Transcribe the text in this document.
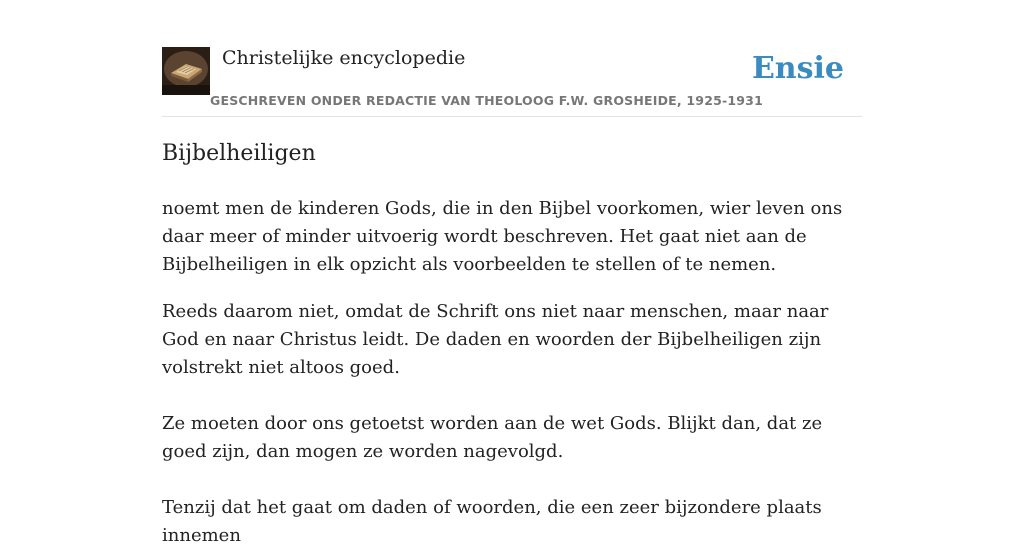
Christelijke encyclopedie
GESCHREVEN ONDER REDACTIE VAN THEOLOOG F.W. GROSHEIDE, 1925-1931
Ensie
Bijbelheiligen

noemt men de kinderen Gods, die in den Bijbel voorkomen, wier leven ons daar meer of minder uitvoerig wordt beschreven. Het gaat niet aan de Bijbelheiligen in elk opzicht als voorbeelden te stellen of te nemen.

Reeds daarom niet, omdat de Schrift ons niet naar menschen, maar naar God en naar Christus leidt. De daden en woorden der Bijbelheiligen zijn volstrekt niet altoos goed.

Ze moeten door ons getoetst worden aan de wet Gods. Blijkt dan, dat ze goed zijn, dan mogen ze worden nagevolgd.

Tenzij dat het gaat om daden of woorden, die een zeer bijzondere plaats innemen
